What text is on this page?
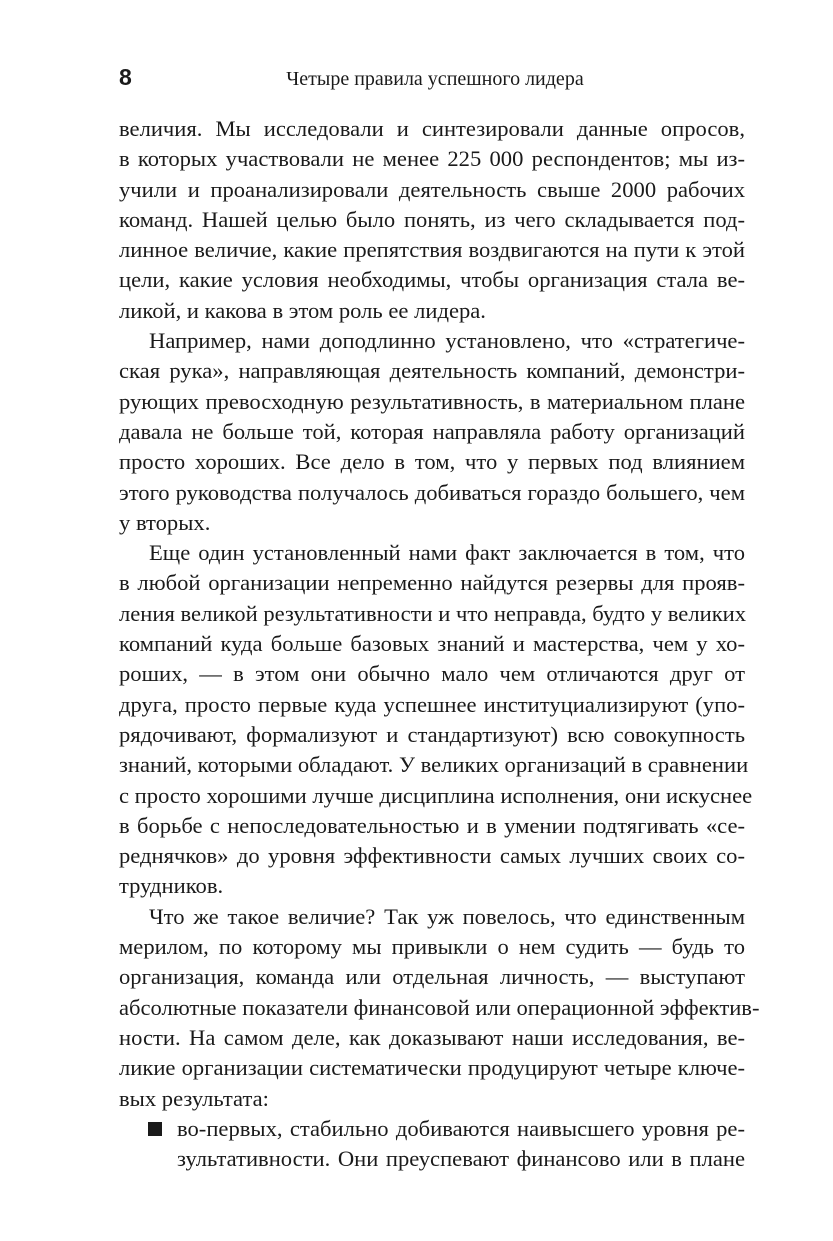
8	Четыре правила успешного лидера
величия. Мы исследовали и синтезировали данные опросов,
в которых участвовали не менее 225 000 респондентов; мы из-
учили и проанализировали деятельность свыше 2000 рабочих
команд. Нашей целью было понять, из чего складывается под-
линное величие, какие препятствия воздвигаются на пути к этой
цели, какие условия необходимы, чтобы организация стала ве-
ликой, и какова в этом роль ее лидера.
Например, нами доподлинно установлено, что «стратегиче-
ская рука», направляющая деятельность компаний, демонстри-
рующих превосходную результативность, в материальном плане
давала не больше той, которая направляла работу организаций
просто хороших. Все дело в том, что у первых под влиянием
этого руководства получалось добиваться гораздо большего, чем
у вторых.
Еще один установленный нами факт заключается в том, что
в любой организации непременно найдутся резервы для прояв-
ления великой результативности и что неправда, будто у великих
компаний куда больше базовых знаний и мастерства, чем у хо-
роших, — в этом они обычно мало чем отличаются друг от
друга, просто первые куда успешнее институциализируют (упо-
рядочивают, формализуют и стандартизуют) всю совокупность
знаний, которыми обладают. У великих организаций в сравнении
с просто хорошими лучше дисциплина исполнения, они искуснее
в борьбе с непоследовательностью и в умении подтягивать «се-
реднячков» до уровня эффективности самых лучших своих со-
трудников.
Что же такое величие? Так уж повелось, что единственным
мерилом, по которому мы привыкли о нем судить — будь то
организация, команда или отдельная личность, — выступают
абсолютные показатели финансовой или операционной эффектив-
ности. На самом деле, как доказывают наши исследования, ве-
ликие организации систематически продуцируют четыре ключе-
вых результата:
во-первых, стабильно добиваются наивысшего уровня ре-
зультативности. Они преуспевают финансово или в плане
